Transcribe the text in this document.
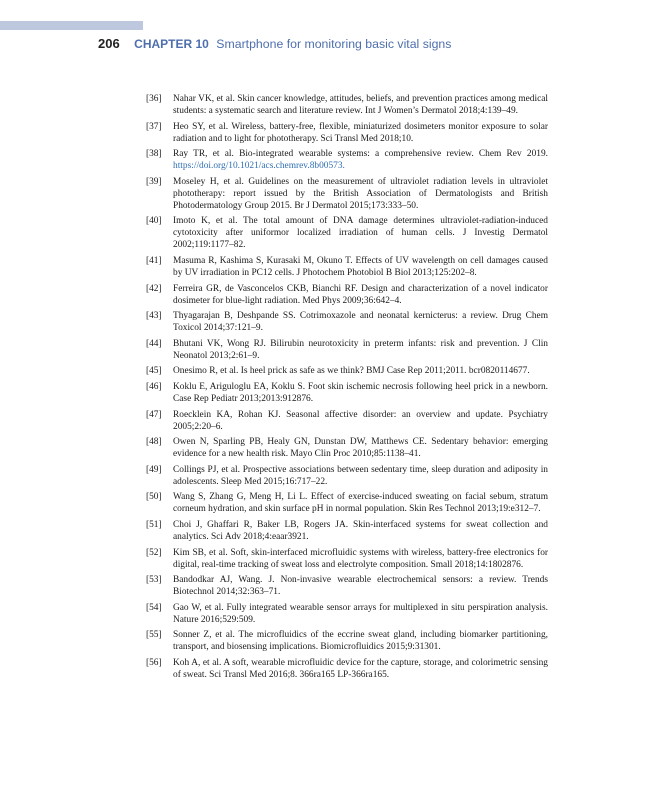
206 CHAPTER 10 Smartphone for monitoring basic vital signs
[36] Nahar VK, et al. Skin cancer knowledge, attitudes, beliefs, and prevention practices among medical students: a systematic search and literature review. Int J Women’s Dermatol 2018;4:139–49.
[37] Heo SY, et al. Wireless, battery-free, flexible, miniaturized dosimeters monitor exposure to solar radiation and to light for phototherapy. Sci Transl Med 2018;10.
[38] Ray TR, et al. Bio-integrated wearable systems: a comprehensive review. Chem Rev 2019. https://doi.org/10.1021/acs.chemrev.8b00573.
[39] Moseley H, et al. Guidelines on the measurement of ultraviolet radiation levels in ultraviolet phototherapy: report issued by the British Association of Dermatologists and British Photodermatology Group 2015. Br J Dermatol 2015;173:333–50.
[40] Imoto K, et al. The total amount of DNA damage determines ultraviolet-radiation-induced cytotoxicity after uniformor localized irradiation of human cells. J Investig Dermatol 2002;119:1177–82.
[41] Masuma R, Kashima S, Kurasaki M, Okuno T. Effects of UV wavelength on cell damages caused by UV irradiation in PC12 cells. J Photochem Photobiol B Biol 2013;125:202–8.
[42] Ferreira GR, de Vasconcelos CKB, Bianchi RF. Design and characterization of a novel indicator dosimeter for blue-light radiation. Med Phys 2009;36:642–4.
[43] Thyagarajan B, Deshpande SS. Cotrimoxazole and neonatal kernicterus: a review. Drug Chem Toxicol 2014;37:121–9.
[44] Bhutani VK, Wong RJ. Bilirubin neurotoxicity in preterm infants: risk and prevention. J Clin Neonatol 2013;2:61–9.
[45] Onesimo R, et al. Is heel prick as safe as we think? BMJ Case Rep 2011;2011. bcr0820114677.
[46] Koklu E, Ariguloglu EA, Koklu S. Foot skin ischemic necrosis following heel prick in a newborn. Case Rep Pediatr 2013;2013:912876.
[47] Roecklein KA, Rohan KJ. Seasonal affective disorder: an overview and update. Psychiatry 2005;2:20–6.
[48] Owen N, Sparling PB, Healy GN, Dunstan DW, Matthews CE. Sedentary behavior: emerging evidence for a new health risk. Mayo Clin Proc 2010;85:1138–41.
[49] Collings PJ, et al. Prospective associations between sedentary time, sleep duration and adiposity in adolescents. Sleep Med 2015;16:717–22.
[50] Wang S, Zhang G, Meng H, Li L. Effect of exercise-induced sweating on facial sebum, stratum corneum hydration, and skin surface pH in normal population. Skin Res Technol 2013;19:e312–7.
[51] Choi J, Ghaffari R, Baker LB, Rogers JA. Skin-interfaced systems for sweat collection and analytics. Sci Adv 2018;4:eaar3921.
[52] Kim SB, et al. Soft, skin-interfaced microfluidic systems with wireless, battery-free electronics for digital, real-time tracking of sweat loss and electrolyte composition. Small 2018;14:1802876.
[53] Bandodkar AJ, Wang. J. Non-invasive wearable electrochemical sensors: a review. Trends Biotechnol 2014;32:363–71.
[54] Gao W, et al. Fully integrated wearable sensor arrays for multiplexed in situ perspiration analysis. Nature 2016;529:509.
[55] Sonner Z, et al. The microfluidics of the eccrine sweat gland, including biomarker partitioning, transport, and biosensing implications. Biomicrofluidics 2015;9:31301.
[56] Koh A, et al. A soft, wearable microfluidic device for the capture, storage, and colorimetric sensing of sweat. Sci Transl Med 2016;8. 366ra165 LP-366ra165.
